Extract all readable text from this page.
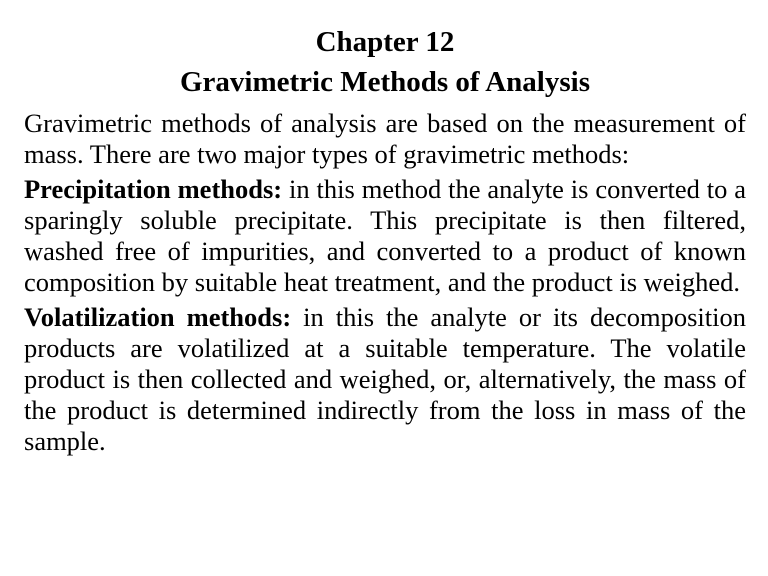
Chapter 12
Gravimetric Methods of Analysis

Gravimetric methods of analysis are based on the measurement of mass. There are two major types of gravimetric methods:

Precipitation methods: in this method the analyte is converted to a sparingly soluble precipitate. This precipitate is then filtered, washed free of impurities, and converted to a product of known composition by suitable heat treatment, and the product is weighed.

Volatilization methods: in this the analyte or its decomposition products are volatilized at a suitable temperature. The volatile product is then collected and weighed, or, alternatively, the mass of the product is determined indirectly from the loss in mass of the sample.
